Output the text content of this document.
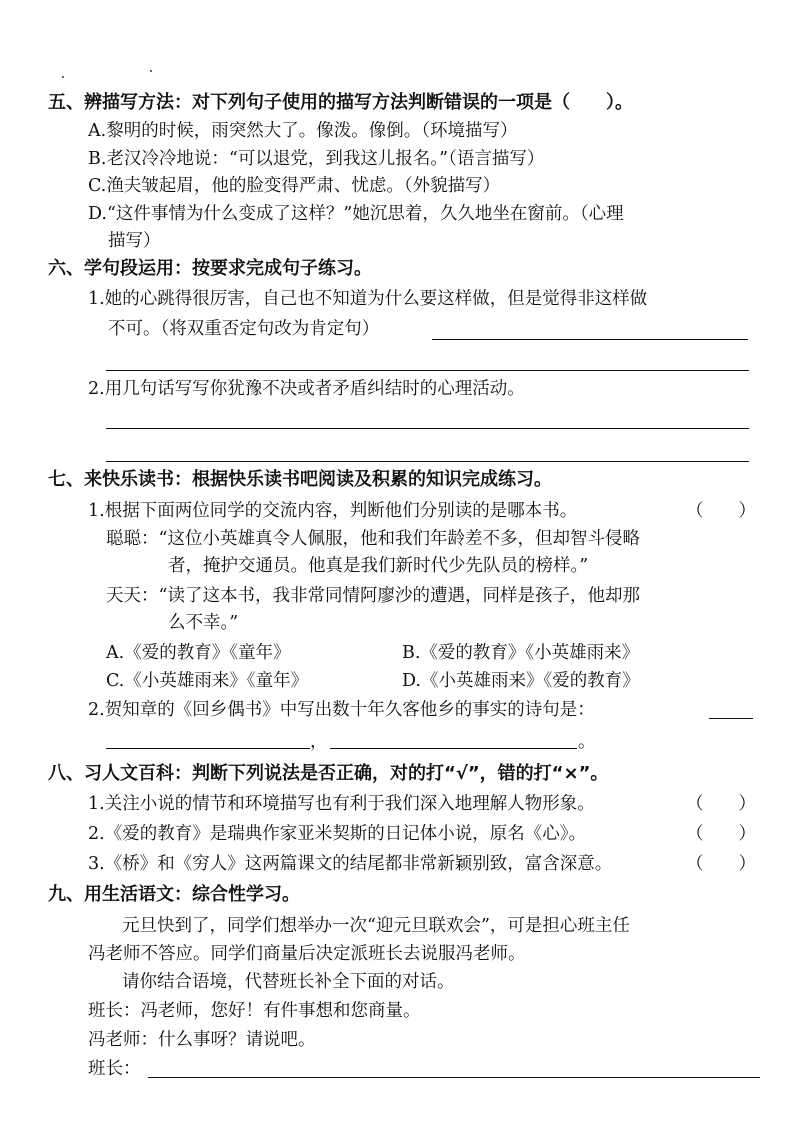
五、辨描写方法：对下列句子使用的描写方法判断错误的一项是（　　）。
A.黎明的时候，雨突然大了。像泼。像倒。（环境描写）
B.老汉冷冷地说：“可以退党，到我这儿报名。”（语言描写）
C.渔夫皱起眉，他的脸变得严肃、忧虑。（外貌描写）
D.“这件事情为什么变成了这样？”她沉思着，久久地坐在窗前。（心理
描写）
六、学句段运用：按要求完成句子练习。
1.她的心跳得很厉害，自己也不知道为什么要这样做，但是觉得非这样做
不可。（将双重否定句改为肯定句）
2.用几句话写写你犹豫不决或者矛盾纠结时的心理活动。
七、来快乐读书：根据快乐读书吧阅读及积累的知识完成练习。
1.根据下面两位同学的交流内容，判断他们分别读的是哪本书。	（　　）
聪聪：“这位小英雄真令人佩服，他和我们年龄差不多，但却智斗侵略
者，掩护交通员。他真是我们新时代少先队员的榜样。”
天天：“读了这本书，我非常同情阿廖沙的遭遇，同样是孩子，他却那
么不幸。”
A.《爱的教育》《童年》	B.《爱的教育》《小英雄雨来》
C.《小英雄雨来》《童年》	D.《小英雄雨来》《爱的教育》
2.贺知章的《回乡偶书》中写出数十年久客他乡的事实的诗句是：
，	。
八、习人文百科：判断下列说法是否正确，对的打“√”，错的打“×”。
1.关注小说的情节和环境描写也有利于我们深入地理解人物形象。	（　　）
2.《爱的教育》是瑞典作家亚米契斯的日记体小说，原名《心》。	（　　）
3.《桥》和《穷人》这两篇课文的结尾都非常新颖别致，富含深意。	（　　）
九、用生活语文：综合性学习。
元旦快到了，同学们想举办一次“迎元旦联欢会”，可是担心班主任
冯老师不答应。同学们商量后决定派班长去说服冯老师。
请你结合语境，代替班长补全下面的对话。
班长：冯老师，您好！有件事想和您商量。
冯老师：什么事呀？请说吧。
班长：
